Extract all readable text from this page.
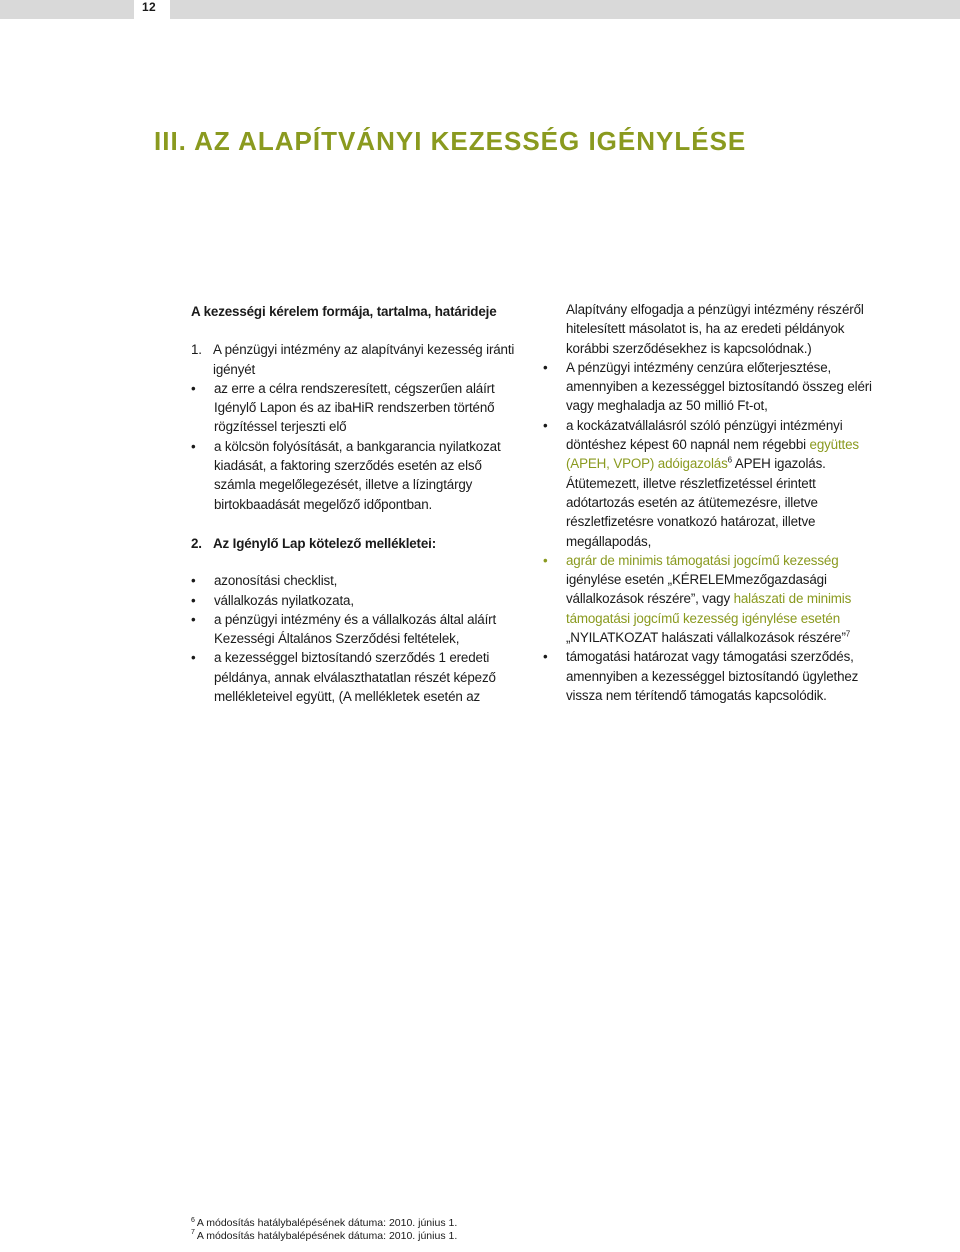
12
III. AZ ALAPÍTVÁNYI KEZESSÉG IGÉNYLÉSE

A kezességi kérelem formája, tartalma, határideje

1. A pénzügyi intézmény az alapítványi kezesség iránti igényét

• az erre a célra rendszeresített, cégszerűen aláírt Igénylő Lapon és az ibaHiR rendszerben történő rögzítéssel terjeszti elő

• a kölcsön folyósítását, a bankgarancia nyilatkozat kiadását, a faktoring szerződés esetén az első számla megelőlegezését, illetve a lízingtárgy birtokbaadását megelőző időpontban.

2. Az Igénylő Lap kötelező mellékletei:

• azonosítási checklist,

• vállalkozás nyilatkozata,

• a pénzügyi intézmény és a vállalkozás által aláírt Kezességi Általános Szerződési feltételek,

• a kezességgel biztosítandó szerződés 1 eredeti példánya, annak elválaszthatatlan részét képező mellékleteivel együtt, (A mellékletek esetén az

Alapítvány elfogadja a pénzügyi intézmény részéről hitelesített másolatot is, ha az eredeti példányok korábbi szerződésekhez is kapcsolódnak.)

• A pénzügyi intézmény cenzúra előterjesztése, amennyiben a kezességgel biztosítandó összeg eléri vagy meghaladja az 50 millió Ft-ot,

• a kockázatvállalásról szóló pénzügyi intézményi döntéshez képest 60 napnál nem régebbi együttes (APEH, VPOP) adóigazolás$^6$ APEH igazolás.

Átütemezett, illetve részletfizetéssel érintett adótartozás esetén az átütemezésre, illetve részletfizetésre vonatkozó határozat, illetve megállapodás,

• agrár de minimis támogatási jogcímű kezesség igénylése esetén „KÉRELEMmezőgazdasági vállalkozások részére”, vagy halászati de minimis támogatási jogcímű kezesség igénylése esetén „NYILATKOZAT halászati vállalkozások részére”$^7$

• támogatási határozat vagy támogatási szerződés, amennyiben a kezességgel biztosítandó ügylethez vissza nem térítendő támogatás kapcsolódik.

$^6$ A módosítás hatálybalépésének dátuma: 2010. június 1.

$^7$ A módosítás hatálybalépésének dátuma: 2010. június 1.
